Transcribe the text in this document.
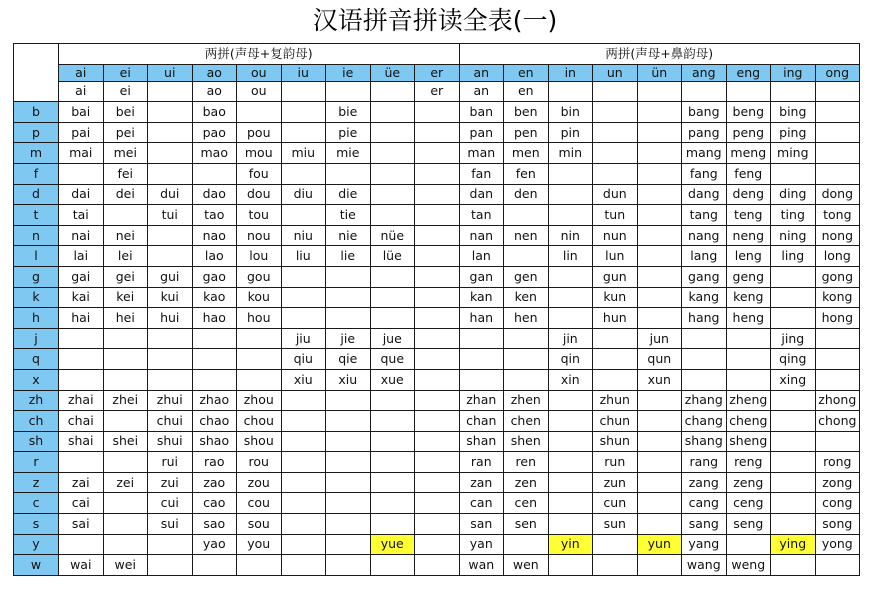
汉语拼音拼读全表(一)
	两拼(声母+复韵母)									两拼(声母+鼻韵母)								
	ai	ei	ui	ao	ou	iu	ie	üe	er	an	en	in	un	ün	ang	eng	ing	ong
	ai	ei		ao	ou				er	an	en							
b	bai	bei		bao			bie			ban	ben	bin			bang	beng	bing	
p	pai	pei		pao	pou		pie			pan	pen	pin			pang	peng	ping	
m	mai	mei		mao	mou	miu	mie			man	men	min			mang	meng	ming	
f		fei			fou					fan	fen				fang	feng		
d	dai	dei	dui	dao	dou	diu	die			dan	den		dun		dang	deng	ding	dong
t	tai		tui	tao	tou		tie			tan			tun		tang	teng	ting	tong
n	nai	nei		nao	nou	niu	nie	nüe		nan	nen	nin	nun		nang	neng	ning	nong
l	lai	lei		lao	lou	liu	lie	lüe		lan		lin	lun		lang	leng	ling	long
g	gai	gei	gui	gao	gou					gan	gen		gun		gang	geng		gong
k	kai	kei	kui	kao	kou					kan	ken		kun		kang	keng		kong
h	hai	hei	hui	hao	hou					han	hen		hun		hang	heng		hong
j						jiu	jie	jue				jin		jun			jing	
q						qiu	qie	que				qin		qun			qing	
x						xiu	xiu	xue				xin		xun			xing	
zh	zhai	zhei	zhui	zhao	zhou					zhan	zhen		zhun		zhang	zheng		zhong
ch	chai		chui	chao	chou					chan	chen		chun		chang	cheng		chong
sh	shai	shei	shui	shao	shou					shan	shen		shun		shang	sheng		
r			rui	rao	rou					ran	ren		run		rang	reng		rong
z	zai	zei	zui	zao	zou					zan	zen		zun		zang	zeng		zong
c	cai		cui	cao	cou					can	cen		cun		cang	ceng		cong
s	sai		sui	sao	sou					san	sen		sun		sang	seng		song
y				yao	you			yue		yan		yin		yun	yang		ying	yong
w	wai	wei								wan	wen				wang	weng		
